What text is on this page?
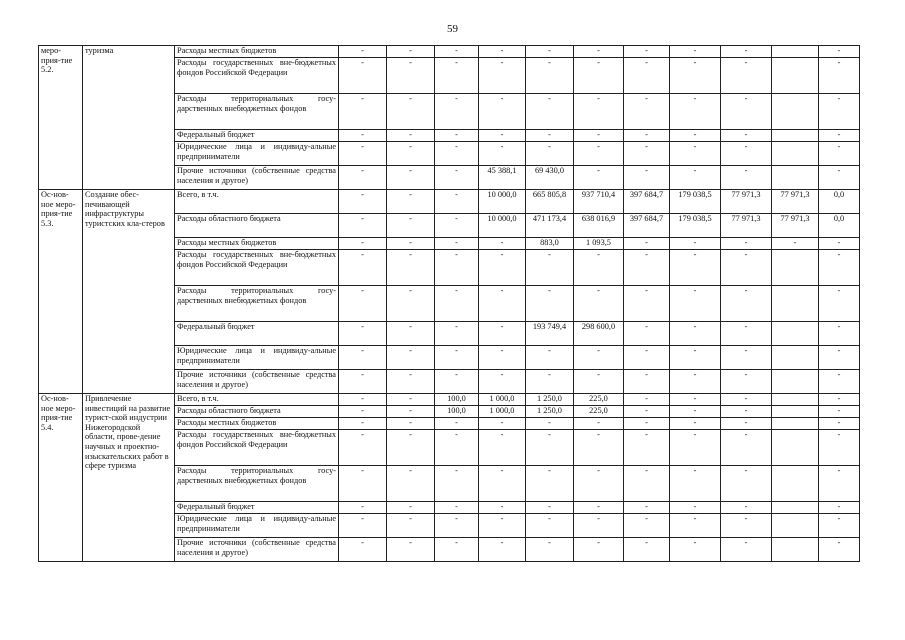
59
меро-прия-тие 5.2.	туризма	Расходы местных бюджетов	-	-	-	-	-	-	-	-	-		-
		Расходы государственных вне-бюджетных фондов Российской Федерации	-	-	-	-	-	-	-	-	-		-
		Расходы территориальных госу-дарственных внебюджетных фондов	-	-	-	-	-	-	-	-	-		-
		Федеральный бюджет	-	-	-	-	-	-	-	-	-		-
		Юридические лица и индивиду-альные предприниматели	-	-	-	-	-	-	-	-	-		-
		Прочие источники (собственные средства населения и другое)	-	-	-	45 388,1	69 430,0	-	-	-	-		-
Ос-нов-ное меро-прия-тие 5.3.	Создание обес-печивающей инфраструктуры туристских кла-стеров	Всего, в т.ч.	-	-	-	10 000,0	665 805,8	937 710,4	397 684,7	179 038,5	77 971,3	77 971,3	0,0
		Расходы областного бюджета	-	-	-	10 000,0	471 173,4	638 016,9	397 684,7	179 038,5	77 971,3	77 971,3	0,0
		Расходы местных бюджетов	-	-	-	-	883,0	1 093,5	-	-	-	-	-
		Расходы государственных вне-бюджетных фондов Российской Федерации	-	-	-	-	-	-	-	-	-		-
		Расходы территориальных госу-дарственных внебюджетных фондов	-	-	-	-	-	-	-	-	-		-
		Федеральный бюджет	-	-	-	-	193 749,4	298 600,0	-	-	-		-
		Юридические лица и индивиду-альные предприниматели	-	-	-	-	-	-	-	-	-		-
		Прочие источники (собственные средства населения и другое)	-	-	-	-	-	-	-	-	-		-
Ос-нов-ное меро-прия-тие 5.4.	Привлечение инвестиций на развитие турист-ской индустрии Нижегородской области, прове-дение научных и проектно-изыскательских работ в сфере туризма	Всего, в т.ч.	-	-	100,0	1 000,0	1 250,0	225,0	-	-	-		-
		Расходы областного бюджета	-	-	100,0	1 000,0	1 250,0	225,0	-	-	-		-
		Расходы местных бюджетов	-	-	-	-	-	-	-	-	-		-
		Расходы государственных вне-бюджетных фондов Российской Федерации	-	-	-	-	-	-	-	-	-		-
		Расходы территориальных госу-дарственных внебюджетных фондов	-	-	-	-	-	-	-	-	-		-
		Федеральный бюджет	-	-	-	-	-	-	-	-	-		-
		Юридические лица и индивиду-альные предприниматели	-	-	-	-	-	-	-	-	-		-
		Прочие источники (собственные средства населения и другое)	-	-	-	-	-	-	-	-	-		-
